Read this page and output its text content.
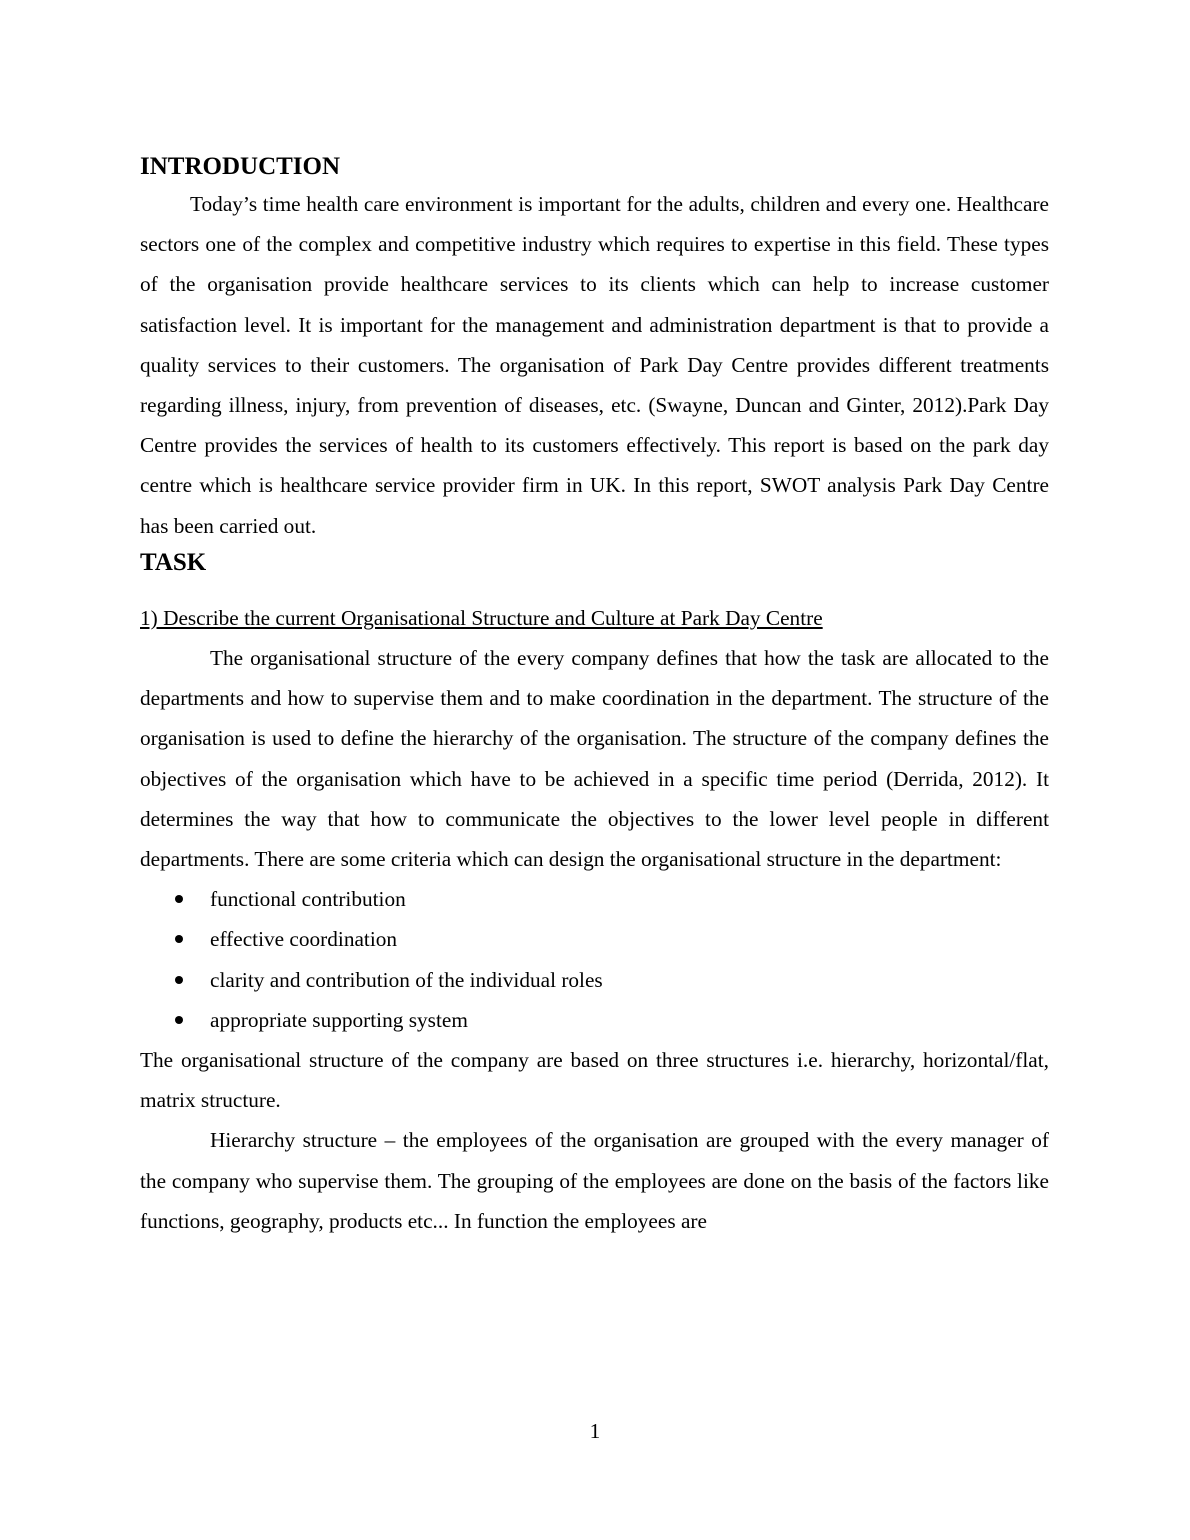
INTRODUCTION

Today’s time health care environment is important for the adults, children and every one. Healthcare sectors one of the complex and competitive industry which requires to expertise in this field. These types of the organisation provide healthcare services to its clients which can help to increase customer satisfaction level. It is important for the management and administration department is that to provide a quality services to their customers. The organisation of Park Day Centre provides different treatments regarding illness, injury, from prevention of diseases, etc. (Swayne, Duncan and Ginter, 2012).Park Day Centre provides the services of health to its customers effectively. This report is based on the park day centre which is healthcare service provider firm in UK. In this report, SWOT analysis Park Day Centre has been carried out.

TASK

1) Describe the current Organisational Structure and Culture at Park Day Centre

The organisational structure of the every company defines that how the task are allocated to the departments and how to supervise them and to make coordination in the department. The structure of the organisation is used to define the hierarchy of the organisation. The structure of the company defines the objectives of the organisation which have to be achieved in a specific time period (Derrida, 2012). It determines the way that how to communicate the objectives to the lower level people in different departments. There are some criteria which can design the organisational structure in the department:

functional contribution
effective coordination
clarity and contribution of the individual roles
appropriate supporting system

The organisational structure of the company are based on three structures i.e. hierarchy, horizontal/flat, matrix structure.

Hierarchy structure – the employees of the organisation are grouped with the every manager of the company who supervise them. The grouping of the employees are done on the basis of the factors like functions, geography, products etc... In function the employees are

1
